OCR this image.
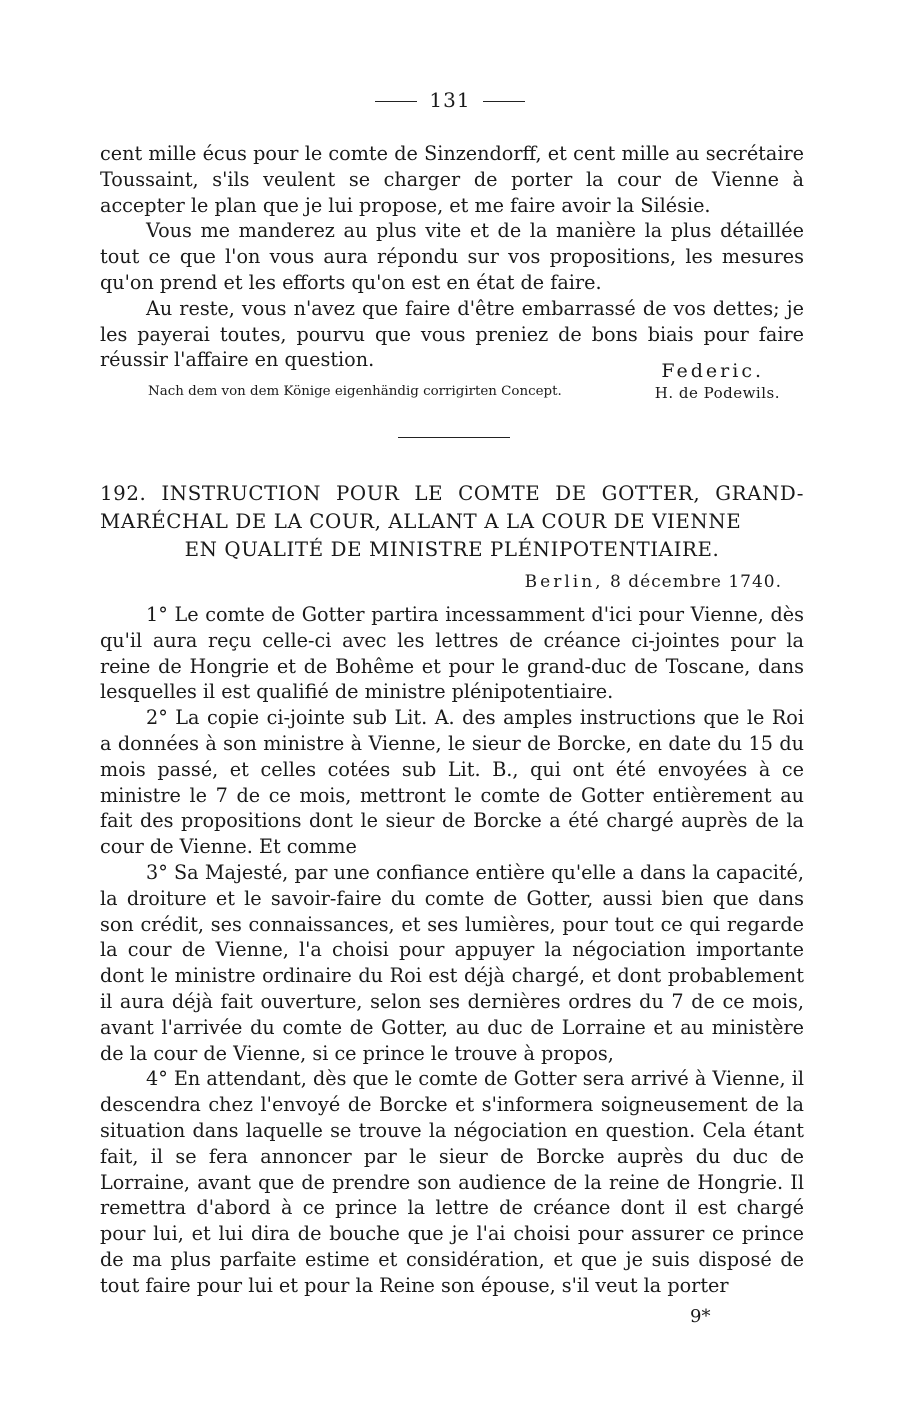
131

cent mille écus pour le comte de Sinzendorff, et cent mille au secrétaire Toussaint, s'ils veulent se charger de porter la cour de Vienne à accepter le plan que je lui propose, et me faire avoir la Silésie.

Vous me manderez au plus vite et de la manière la plus détaillée tout ce que l'on vous aura répondu sur vos propositions, les mesures qu'on prend et les efforts qu'on est en état de faire.

Au reste, vous n'avez que faire d'être embarrassé de vos dettes; je les payerai toutes, pourvu que vous preniez de bons biais pour faire réussir l'affaire en question.	Federic.
Nach dem von dem Könige eigenhändig corrigirten Concept.	H. de Podewils.
192. INSTRUCTION POUR LE COMTE DE GOTTER, GRAND-MARÉCHAL DE LA COUR, ALLANT A LA COUR DE VIENNE
EN QUALITÉ DE MINISTRE PLÉNIPOTENTIAIRE.
Berlin, 8 décembre 1740.

1° Le comte de Gotter partira incessamment d'ici pour Vienne, dès qu'il aura reçu celle-ci avec les lettres de créance ci-jointes pour la reine de Hongrie et de Bohême et pour le grand-duc de Toscane, dans lesquelles il est qualifié de ministre plénipotentiaire.

2° La copie ci-jointe sub Lit. A. des amples instructions que le Roi a données à son ministre à Vienne, le sieur de Borcke, en date du 15 du mois passé, et celles cotées sub Lit. B., qui ont été envoyées à ce ministre le 7 de ce mois, mettront le comte de Gotter entièrement au fait des propositions dont le sieur de Borcke a été chargé auprès de la cour de Vienne. Et comme

3° Sa Majesté, par une confiance entière qu'elle a dans la capacité, la droiture et le savoir-faire du comte de Gotter, aussi bien que dans son crédit, ses connaissances, et ses lumières, pour tout ce qui regarde la cour de Vienne, l'a choisi pour appuyer la négociation importante dont le ministre ordinaire du Roi est déjà chargé, et dont probablement il aura déjà fait ouverture, selon ses dernières ordres du 7 de ce mois, avant l'arrivée du comte de Gotter, au duc de Lorraine et au ministère de la cour de Vienne, si ce prince le trouve à propos,

4° En attendant, dès que le comte de Gotter sera arrivé à Vienne, il descendra chez l'envoyé de Borcke et s'informera soigneusement de la situation dans laquelle se trouve la négociation en question. Cela étant fait, il se fera annoncer par le sieur de Borcke auprès du duc de Lorraine, avant que de prendre son audience de la reine de Hongrie. Il remettra d'abord à ce prince la lettre de créance dont il est chargé pour lui, et lui dira de bouche que je l'ai choisi pour assurer ce prince de ma plus parfaite estime et considération, et que je suis disposé de tout faire pour lui et pour la Reine son épouse, s'il veut la porter

9*
